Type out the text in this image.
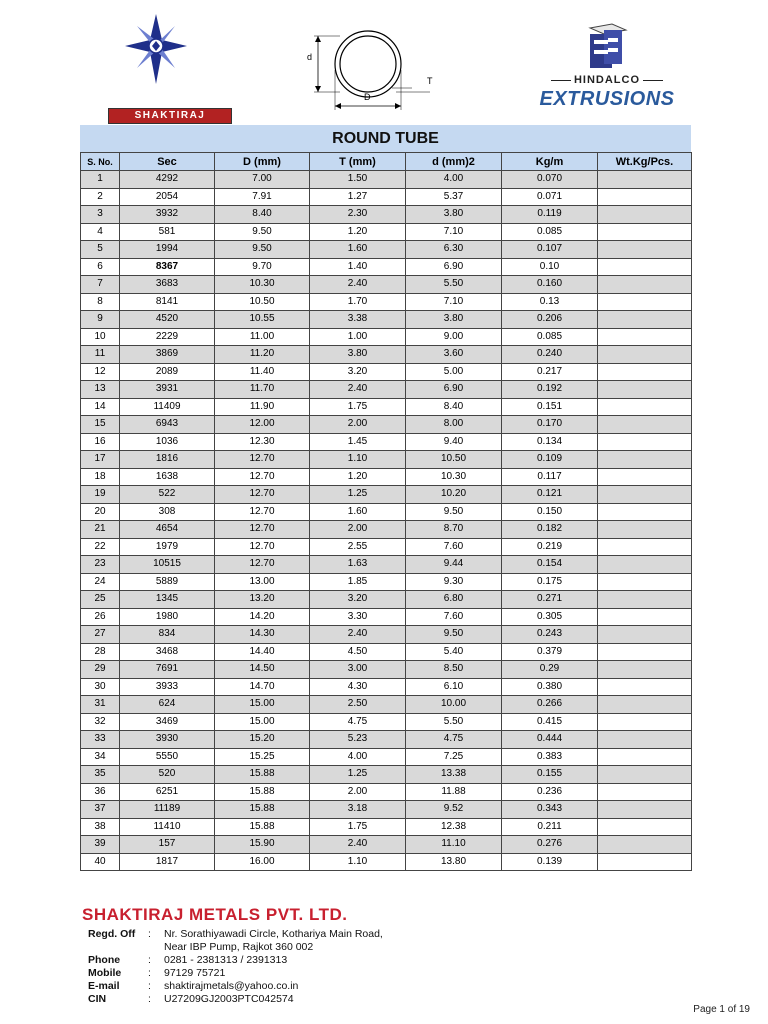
SHAKTIRAJ
d
D
T	HINDALCO
EXTRUSIONS
ROUND TUBE
S. No.	Sec	D (mm)	T (mm)	d (mm)2	Kg/m	Wt.Kg/Pcs.
1	4292	7.00	1.50	4.00	0.070	
2	2054	7.91	1.27	5.37	0.071	
3	3932	8.40	2.30	3.80	0.119	
4	581	9.50	1.20	7.10	0.085	
5	1994	9.50	1.60	6.30	0.107	
6	8367	9.70	1.40	6.90	0.10	
7	3683	10.30	2.40	5.50	0.160	
8	8141	10.50	1.70	7.10	0.13	
9	4520	10.55	3.38	3.80	0.206	
10	2229	11.00	1.00	9.00	0.085	
11	3869	11.20	3.80	3.60	0.240	
12	2089	11.40	3.20	5.00	0.217	
13	3931	11.70	2.40	6.90	0.192	
14	11409	11.90	1.75	8.40	0.151	
15	6943	12.00	2.00	8.00	0.170	
16	1036	12.30	1.45	9.40	0.134	
17	1816	12.70	1.10	10.50	0.109	
18	1638	12.70	1.20	10.30	0.117	
19	522	12.70	1.25	10.20	0.121	
20	308	12.70	1.60	9.50	0.150	
21	4654	12.70	2.00	8.70	0.182	
22	1979	12.70	2.55	7.60	0.219	
23	10515	12.70	1.63	9.44	0.154	
24	5889	13.00	1.85	9.30	0.175	
25	1345	13.20	3.20	6.80	0.271	
26	1980	14.20	3.30	7.60	0.305	
27	834	14.30	2.40	9.50	0.243	
28	3468	14.40	4.50	5.40	0.379	
29	7691	14.50	3.00	8.50	0.29	
30	3933	14.70	4.30	6.10	0.380	
31	624	15.00	2.50	10.00	0.266	
32	3469	15.00	4.75	5.50	0.415	
33	3930	15.20	5.23	4.75	0.444	
34	5550	15.25	4.00	7.25	0.383	
35	520	15.88	1.25	13.38	0.155	
36	6251	15.88	2.00	11.88	0.236	
37	11189	15.88	3.18	9.52	0.343	
38	11410	15.88	1.75	12.38	0.211	
39	157	15.90	2.40	11.10	0.276	
40	1817	16.00	1.10	13.80	0.139	
SHAKTIRAJ METALS PVT. LTD.
Regd. Off	: Nr. Sorathiyawadi Circle, Kothariya Main Road,
Near IBP Pump, Rajkot 360 002
Phone	: 0281 - 2381313 / 2391313
Mobile	: 97129 75721
E-mail	: shaktirajmetals@yahoo.co.in
CIN	: U27209GJ2003PTC042574
Page 1 of 19
